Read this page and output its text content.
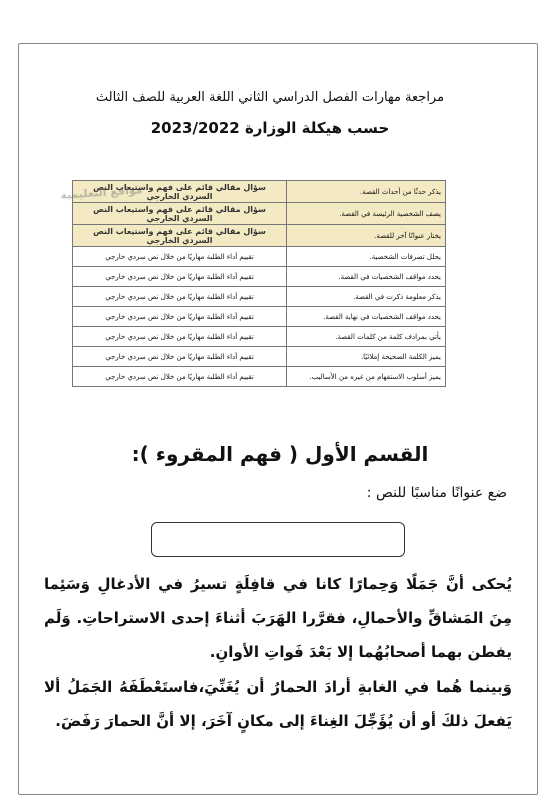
مراجعة مهارات الفصل الدراسي الثاني اللغة العربية للصف الثالث
حسب هيكلة الوزارة 2023/2022
يذكر حدثًا من أحداث القصة.	سؤال مقالي قائم على فهم واستيعاب النص السردي الخارجي
يصف الشخصية الرئيسة في القصة.	سؤال مقالي قائم على فهم واستيعاب النص السردي الخارجي
يختار عنوانًا آخر للقصة.	سؤال مقالي قائم على فهم واستيعاب النص السردي الخارجي
يحلل تصرفات الشخصية.	تقييم أداء الطلبة مهاريًا من خلال نص سردي خارجي
يحدد مواقف الشخصيات في القصة.	تقييم أداء الطلبة مهاريًا من خلال نص سردي خارجي
يذكر معلومة ذكرت في القصة.	تقييم أداء الطلبة مهاريًا من خلال نص سردي خارجي
يحدد مواقف الشخصيات في نهاية القصة.	تقييم أداء الطلبة مهاريًا من خلال نص سردي خارجي
يأتي بمرادف كلمة من كلمات القصة.	تقييم أداء الطلبة مهاريًا من خلال نص سردي خارجي
يميز الكلمة الصحيحة إملائيًا.	تقييم أداء الطلبة مهاريًا من خلال نص سردي خارجي
يميز أسلوب الاستفهام من غيره من الأساليب.	تقييم أداء الطلبة مهاريًا من خلال نص سردي خارجي
مواقع التعليمية
القسم الأول ( فهم المقروء ):
ضع عنوانًا مناسبًا للنص :
يُحكى أنَّ جَمَلًا وَحِمارًا كانا في قافِلَةٍ تسيرُ في الأدغالِ وَسَئِما مِنَ المَشاقِّ والأحمالِ، فقرَّرا الهَرَبَ أثناءَ إحدى الاستراحاتِ. وَلَم يفطن بهما أصحابُهُما إلا بَعْدَ فَواتِ الأوانِ.
وَبينما هُما في الغابةِ أرادَ الحمارُ أن يُغَنِّيَ،فاستَعْطَفَهُ الجَمَلُ ألا يَفعلَ ذلكَ أو أن يُؤَجِّلَ الغِناءَ إلى مكانٍ آخَرَ، إلا أنَّ الحمارَ رَفَضَ.
